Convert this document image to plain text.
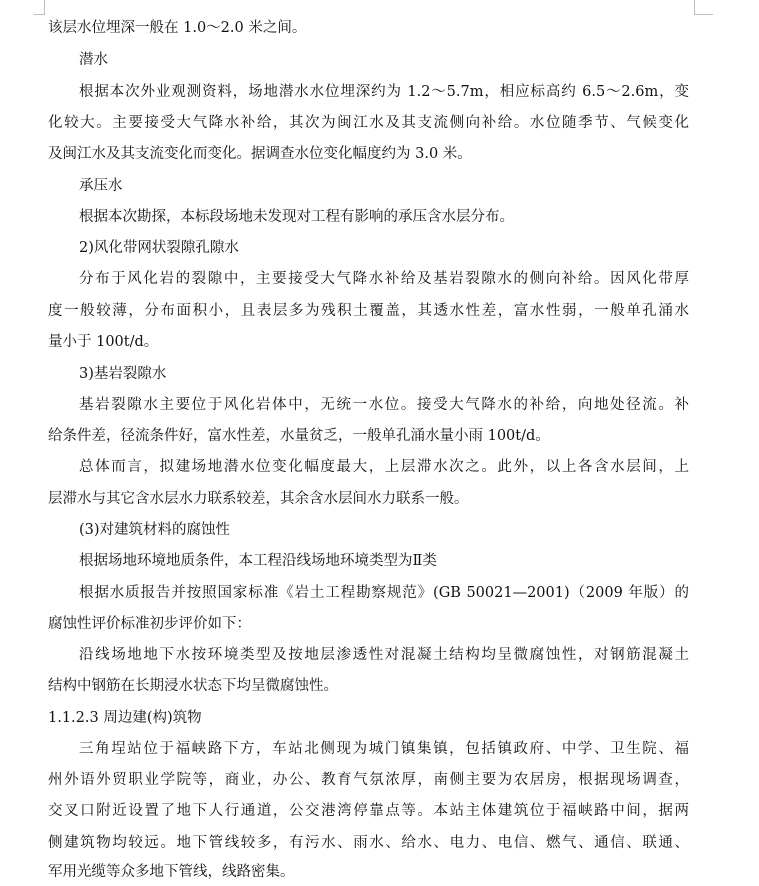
该层水位埋深一般在 1.0～2.0 米之间。
潜水
根据本次外业观测资料，场地潜水水位埋深约为 1.2～5.7m，相应标高约 6.5～2.6m，变
化较大。主要接受大气降水补给，其次为闽江水及其支流侧向补给。水位随季节、气候变化
及闽江水及其支流变化而变化。据调查水位变化幅度约为 3.0 米。
承压水
根据本次勘探，本标段场地未发现对工程有影响的承压含水层分布。
2)风化带网状裂隙孔隙水
分布于风化岩的裂隙中，主要接受大气降水补给及基岩裂隙水的侧向补给。因风化带厚
度一般较薄，分布面积小，且表层多为残积土覆盖，其透水性差，富水性弱，一般单孔涌水
量小于 100t/d。
3)基岩裂隙水
基岩裂隙水主要位于风化岩体中，无统一水位。接受大气降水的补给，向地处径流。补
给条件差，径流条件好，富水性差，水量贫乏，一般单孔涌水量小雨 100t/d。
总体而言，拟建场地潜水位变化幅度最大，上层滞水次之。此外，以上各含水层间，上
层滞水与其它含水层水力联系较差，其余含水层间水力联系一般。
(3)对建筑材料的腐蚀性
根据场地环境地质条件，本工程沿线场地环境类型为Ⅱ类
根据水质报告并按照国家标准《岩土工程勘察规范》(GB 50021—2001)（2009 年版）的
腐蚀性评价标准初步评价如下：
沿线场地地下水按环境类型及按地层渗透性对混凝土结构均呈微腐蚀性，对钢筋混凝土
结构中钢筋在长期浸水状态下均呈微腐蚀性。
1.1.2.3 周边建(构)筑物
三角埕站位于福峡路下方，车站北侧现为城门镇集镇，包括镇政府、中学、卫生院、福
州外语外贸职业学院等，商业，办公、教育气氛浓厚，南侧主要为农居房，根据现场调查，
交叉口附近设置了地下人行通道，公交港湾停靠点等。本站主体建筑位于福峡路中间，据两
侧建筑物均较远。地下管线较多，有污水、雨水、给水、电力、电信、燃气、通信、联通、
军用光缆等众多地下管线，线路密集。
